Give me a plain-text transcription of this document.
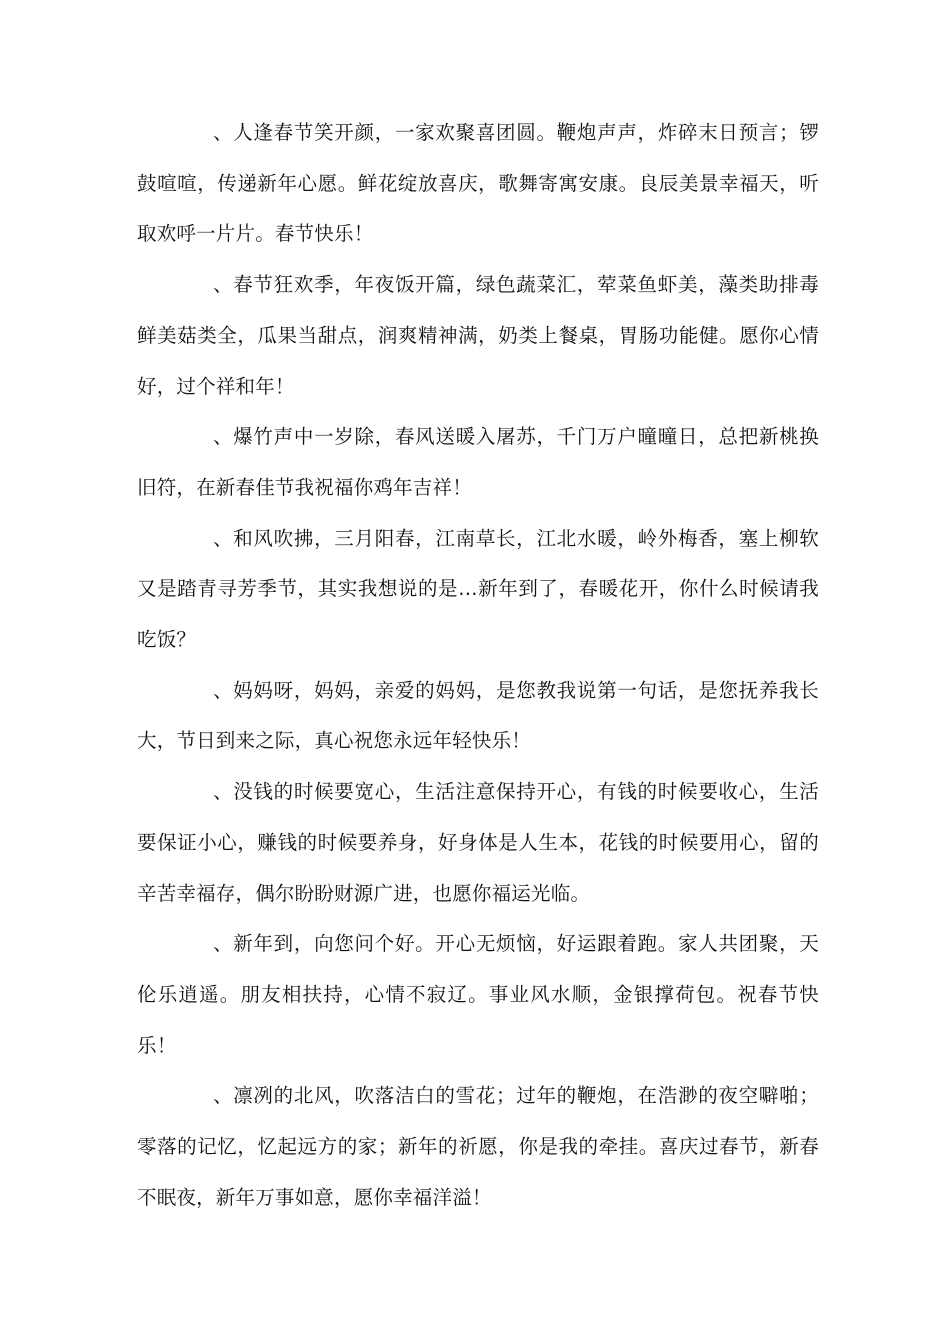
、人逢春节笑开颜，一家欢聚喜团圆。鞭炮声声，炸碎末日预言；锣鼓喧喧，传递新年心愿。鲜花绽放喜庆，歌舞寄寓安康。良辰美景幸福天，听取欢呼一片片。春节快乐！

、春节狂欢季，年夜饭开篇，绿色蔬菜汇，荤菜鱼虾美，藻类助排毒鲜美菇类全，瓜果当甜点，润爽精神满，奶类上餐桌，胃肠功能健。愿你心情好，过个祥和年！

、爆竹声中一岁除，春风送暖入屠苏，千门万户曈曈日，总把新桃换旧符，在新春佳节我祝福你鸡年吉祥！

、和风吹拂，三月阳春，江南草长，江北水暖，岭外梅香，塞上柳软又是踏青寻芳季节，其实我想说的是…新年到了，春暖花开，你什么时候请我吃饭？

、妈妈呀，妈妈，亲爱的妈妈，是您教我说第一句话，是您抚养我长大，节日到来之际，真心祝您永远年轻快乐！

、没钱的时候要宽心，生活注意保持开心，有钱的时候要收心，生活要保证小心，赚钱的时候要养身，好身体是人生本，花钱的时候要用心，留的辛苦幸福存，偶尔盼盼财源广进，也愿你福运光临。

、新年到，向您问个好。开心无烦恼，好运跟着跑。家人共团聚，天伦乐逍遥。朋友相扶持，心情不寂辽。事业风水顺，金银撑荷包。祝春节快乐！

、凛冽的北风，吹落洁白的雪花；过年的鞭炮，在浩渺的夜空噼啪；零落的记忆，忆起远方的家；新年的祈愿，你是我的牵挂。喜庆过春节，新春不眠夜，新年万事如意，愿你幸福洋溢！
